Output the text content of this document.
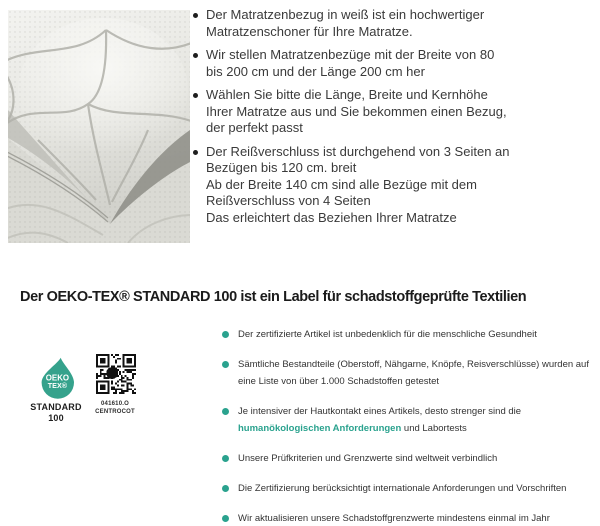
Der Matratzenbezug in weiß ist ein hochwertiger
Matratzenschoner für Ihre Matratze.
Wir stellen Matratzenbezüge mit der Breite von 80
bis 200 cm und der Länge 200 cm her
Wählen Sie bitte die Länge, Breite und Kernhöhe
Ihrer Matratze aus und Sie bekommen einen Bezug,
der perfekt passt
Der Reißverschluss ist durchgehend von 3 Seiten an
Bezügen bis 120 cm. breit
Ab der Breite 140 cm sind alle Bezüge mit dem
Reißverschluss von 4 Seiten
Das erleichtert das Beziehen Ihrer Matratze
Der OEKO-TEX® STANDARD 100 ist ein Label für schadstoffgeprüfte Textilien
OEKO
TEX®
STANDARD
100
041610.O
CENTROCOT
Der zertifizierte Artikel ist unbedenklich für die menschliche Gesundheit
Sämtliche Bestandteile (Oberstoff, Nähgarne, Knöpfe, Reisverschlüsse) wurden auf
eine Liste von über 1.000 Schadstoffen getestet
Je intensiver der Hautkontakt eines Artikels, desto strenger sind die
humanökologischen Anforderungen und Labortests
Unsere Prüfkriterien und Grenzwerte sind weltweit verbindlich
Die Zertifizierung berücksichtigt internationale Anforderungen und Vorschriften
Wir aktualisieren unsere Schadstoffgrenzwerte mindestens einmal im Jahr
